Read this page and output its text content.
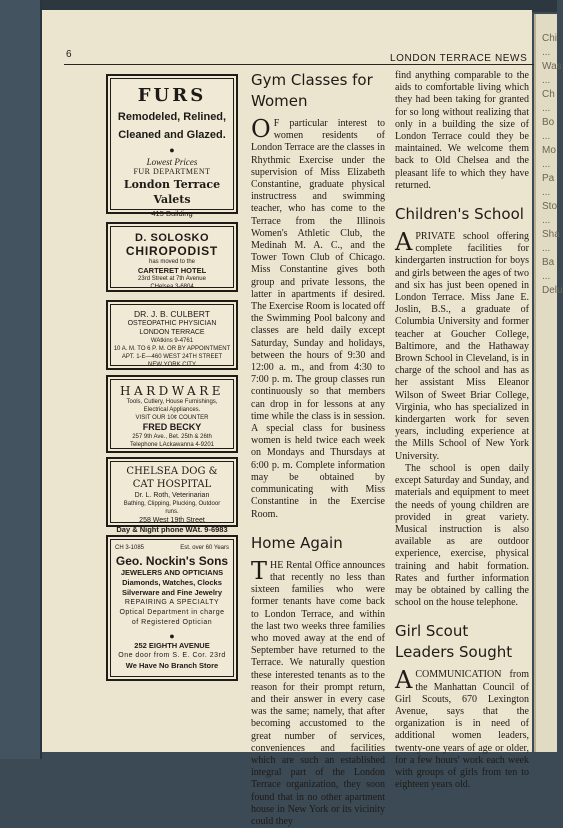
Chi ... Was ... Ch ... Bo ... Mo ... Pa ... Sto ... Sha ... Ba ... Delu
6	LONDON TERRACE NEWS
FURS
Remodeled, Relined,
Cleaned and Glazed.
●
Lowest Prices
FUR DEPARTMENT
London Terrace
Valets
415 Building
D. SOLOSKO
CHIROPODIST
has moved to the
CARTERET HOTEL
23rd Street at 7th Avenue
CHelsea 3-6804
DR. J. B. CULBERT
OSTEOPATHIC PHYSICIAN
LONDON TERRACE
WAtkins 9-4761
10 A. M. TO 6 P. M. OR BY APPOINTMENT
APT. 1-E—460 WEST 24TH STREET
NEW YORK CITY
HARDWARE
Tools, Cutlery, House Furnishings,
Electrical Appliances.
VISIT OUR 10¢ COUNTER
FRED BECKY
257 9th Ave., Bet. 25th & 26th
Telephone LAckawanna 4-9201
CHELSEA DOG &
CAT HOSPITAL
Dr. L. Roth, Veterinarian
Bathing, Clipping, Plucking, Outdoor
runs.
258 West 19th Street
Day & Night phone WAt. 9-6983
CH 3-1085	Est. over 60 Years
Geo. Nockin's Sons
JEWELERS AND OPTICIANS
Diamonds, Watches, Clocks
Silverware and Fine Jewelry
REPAIRING A SPECIALTY
Optical Department in charge
of Registered Optician
●
252 EIGHTH AVENUE
One door from S. E. Cor. 23rd
We Have No Branch Store
Gym Classes for Women
O F particular interest to women residents of London Terrace are the classes in Rhythmic Exercise under the supervision of Miss Elizabeth Constantine, graduate physical instructress and swimming teacher, who has come to the Terrace from the Illinois Women's Athletic Club, the Medinah M. A. C., and the Tower Town Club of Chicago. Miss Constantine gives both group and private lessons, the latter in apartments if desired. The Exercise Room is located off the Swimming Pool balcony and classes are held daily except Saturday, Sunday and holidays, between the hours of 9:30 and 12:00 a. m., and from 4:30 to 7:00 p. m. The group classes run continuously so that members can drop in for lessons at any time while the class is in session. A special class for business women is held twice each week on Mondays and Thursdays at 6:00 p. m. Complete information may be obtained by communicating with Miss Constantine in the Exercise Room.
Home Again
T HE Rental Office announces that recently no less than sixteen families who were former tenants have come back to London Terrace, and within the last two weeks three families who moved away at the end of September have returned to the Terrace. We naturally question these interested tenants as to the reason for their prompt return, and their answer in every case was the same; namely, that after becoming accustomed to the great number of services, conveniences and facilities which are such an established integral part of the London Terrace organization, they soon found that in no other apartment house in New York or its vicinity could they
find anything comparable to the aids to comfortable living which they had been taking for granted for so long without realizing that only in a building the size of London Terrace could they be maintained. We welcome them back to Old Chelsea and the pleasant life to which they have returned.
Children's School
A PRIVATE school offering complete facilities for kindergarten instruction for boys and girls between the ages of two and six has just been opened in London Terrace. Miss Jane E. Joslin, B.S., a graduate of Columbia University and former teacher at Goucher College, Baltimore, and the Hathaway Brown School in Cleveland, is in charge of the school and has as her assistant Miss Eleanor Wilson of Sweet Briar College, Virginia, who has specialized in kindergarten work for seven years, including experience at the Mills School of New York University.
The school is open daily except Saturday and Sunday, and materials and equipment to meet the needs of young children are provided in great variety. Musical instruction is also available as are outdoor experience, exercise, physical training and habit formation. Rates and further information may be obtained by calling the school on the house telephone.
Girl Scout Leaders Sought
A COMMUNICATION from the Manhattan Council of Girl Scouts, 670 Lexington Avenue, says that the organization is in need of additional women leaders, twenty-one years of age or older, for a few hours' work each week with groups of girls from ten to eighteen years old.
